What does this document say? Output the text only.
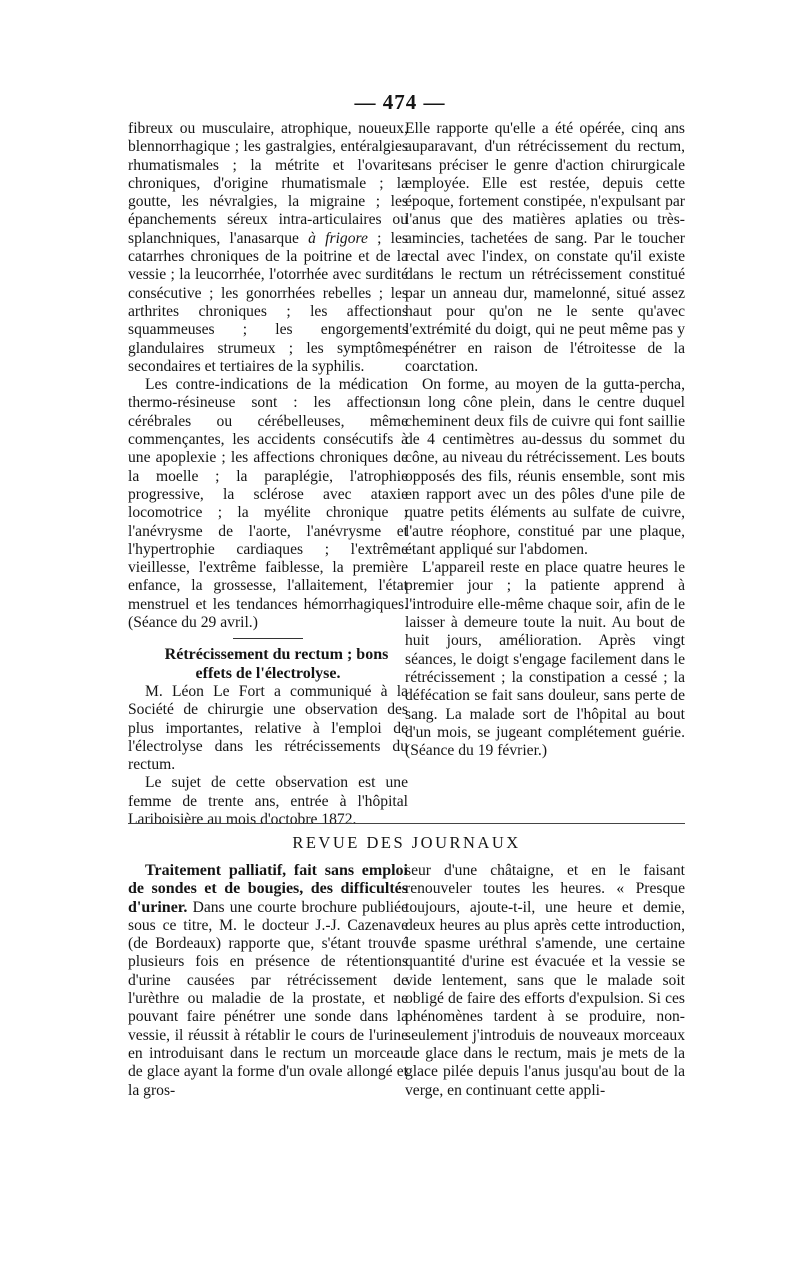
— 474 —

fibreux ou musculaire, atrophique, noueux, blennorrhagique ; les gastralgies, entéralgies rhumatismales ; la métrite et l'ovarite chroniques, d'origine rhumatismale ; la goutte, les névralgies, la migraine ; les épanchements séreux intra-articulaires ou splanchniques, l'anasarque à frigore ; les catarrhes chroniques de la poitrine et de la vessie ; la leucorrhée, l'otorrhée avec surdité consécutive ; les gonorrhées rebelles ; les arthrites chroniques ; les affections squammeuses ; les engorgements glandulaires strumeux ; les symptômes secondaires et tertiaires de la syphilis.

Les contre-indications de la médication thermo-résineuse sont : les affections cérébrales ou cérébelleuses, même commençantes, les accidents consécutifs à une apoplexie ; les affections chroniques de la moelle ; la paraplégie, l'atrophie progressive, la sclérose avec ataxie locomotrice ; la myélite chronique ; l'anévrysme de l'aorte, l'anévrysme et l'hypertrophie cardiaques ; l'extrême vieillesse, l'extrême faiblesse, la première enfance, la grossesse, l'allaitement, l'état menstruel et les tendances hémorrhagiques. (Séance du 29 avril.)

Rétrécissement du rectum ; bons effets de l'électrolyse.

M. Léon Le Fort a communiqué à la Société de chirurgie une observation des plus importantes, relative à l'emploi de l'électrolyse dans les rétrécissements du rectum.

Le sujet de cette observation est une femme de trente ans, entrée à l'hôpital Lariboisière au mois d'octobre 1872.

Elle rapporte qu'elle a été opérée, cinq ans auparavant, d'un rétrécissement du rectum, sans préciser le genre d'action chirurgicale employée. Elle est restée, depuis cette époque, fortement constipée, n'expulsant par l'anus que des matières aplaties ou très-amincies, tachetées de sang. Par le toucher rectal avec l'index, on constate qu'il existe dans le rectum un rétrécissement constitué par un anneau dur, mamelonné, situé assez haut pour qu'on ne le sente qu'avec l'extrémité du doigt, qui ne peut même pas y pénétrer en raison de l'étroitesse de la coarctation.

On forme, au moyen de la gutta-percha, un long cône plein, dans le centre duquel cheminent deux fils de cuivre qui font saillie de 4 centimètres au-dessus du sommet du cône, au niveau du rétrécissement. Les bouts opposés des fils, réunis ensemble, sont mis en rapport avec un des pôles d'une pile de quatre petits éléments au sulfate de cuivre, l'autre réophore, constitué par une plaque, étant appliqué sur l'abdomen.

L'appareil reste en place quatre heures le premier jour ; la patiente apprend à l'introduire elle-même chaque soir, afin de le laisser à demeure toute la nuit. Au bout de huit jours, amélioration. Après vingt séances, le doigt s'engage facilement dans le rétrécissement ; la constipation a cessé ; la défécation se fait sans douleur, sans perte de sang. La malade sort de l'hôpital au bout d'un mois, se jugeant complétement guérie. (Séance du 19 février.)

REVUE DES JOURNAUX

Traitement palliatif, fait sans emploi de sondes et de bougies, des difficultés d'uriner. Dans une courte brochure publiée sous ce titre, M. le docteur J.-J. Cazenave (de Bordeaux) rapporte que, s'étant trouvé plusieurs fois en présence de rétentions d'urine causées par rétrécissement de l'urèthre ou maladie de la prostate, et ne pouvant faire pénétrer une sonde dans la vessie, il réussit à rétablir le cours de l'urine en introduisant dans le rectum un morceau de glace ayant la forme d'un ovale allongé et la gros-

seur d'une châtaigne, et en le faisant renouveler toutes les heures. « Presque toujours, ajoute-t-il, une heure et demie, deux heures au plus après cette introduction, le spasme uréthral s'amende, une certaine quantité d'urine est évacuée et la vessie se vide lentement, sans que le malade soit obligé de faire des efforts d'expulsion. Si ces phénomènes tardent à se produire, non-seulement j'introduis de nouveaux morceaux de glace dans le rectum, mais je mets de la glace pilée depuis l'anus jusqu'au bout de la verge, en continuant cette appli-
